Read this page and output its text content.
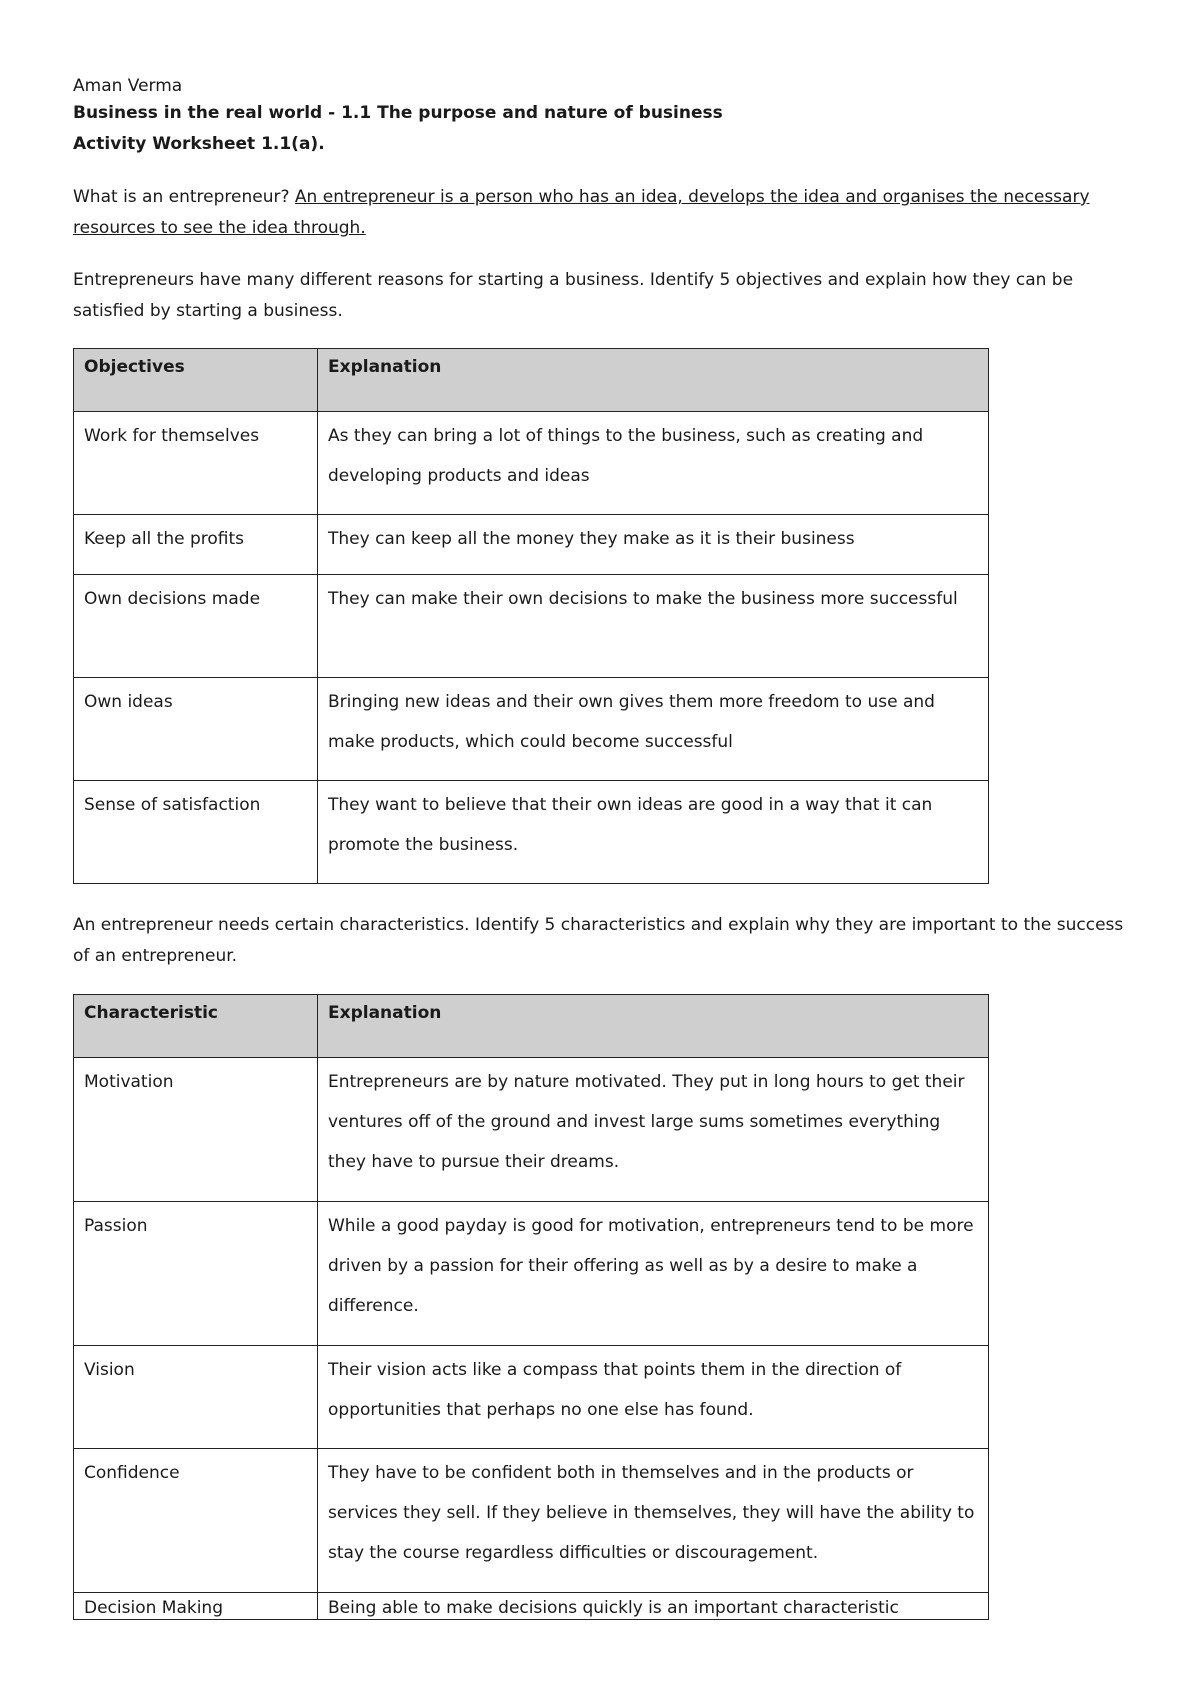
Aman Verma
Business in the real world - 1.1 The purpose and nature of business
Activity Worksheet 1.1(a).
What is an entrepreneur? An entrepreneur is a person who has an idea, develops the idea and organises the necessary resources to see the idea through.
Entrepreneurs have many different reasons for starting a business. Identify 5 objectives and explain how they can be satisfied by starting a business.
Objectives	Explanation
Work for themselves	As they can bring a lot of things to the business, such as creating and developing products and ideas
Keep all the profits	They can keep all the money they make as it is their business
Own decisions made	They can make their own decisions to make the business more successful
Own ideas	Bringing new ideas and their own gives them more freedom to use and make products, which could become successful
Sense of satisfaction	They want to believe that their own ideas are good in a way that it can promote the business.
An entrepreneur needs certain characteristics. Identify 5 characteristics and explain why they are important to the success of an entrepreneur.
Characteristic	Explanation
Motivation	Entrepreneurs are by nature motivated. They put in long hours to get their ventures off of the ground and invest large sums sometimes everything they have to pursue their dreams.
Passion	While a good payday is good for motivation, entrepreneurs tend to be more driven by a passion for their offering as well as by a desire to make a difference.
Vision	Their vision acts like a compass that points them in the direction of opportunities that perhaps no one else has found.
Confidence	They have to be confident both in themselves and in the products or services they sell. If they believe in themselves, they will have the ability to stay the course regardless difficulties or discouragement.
Decision Making	Being able to make decisions quickly is an important characteristic
